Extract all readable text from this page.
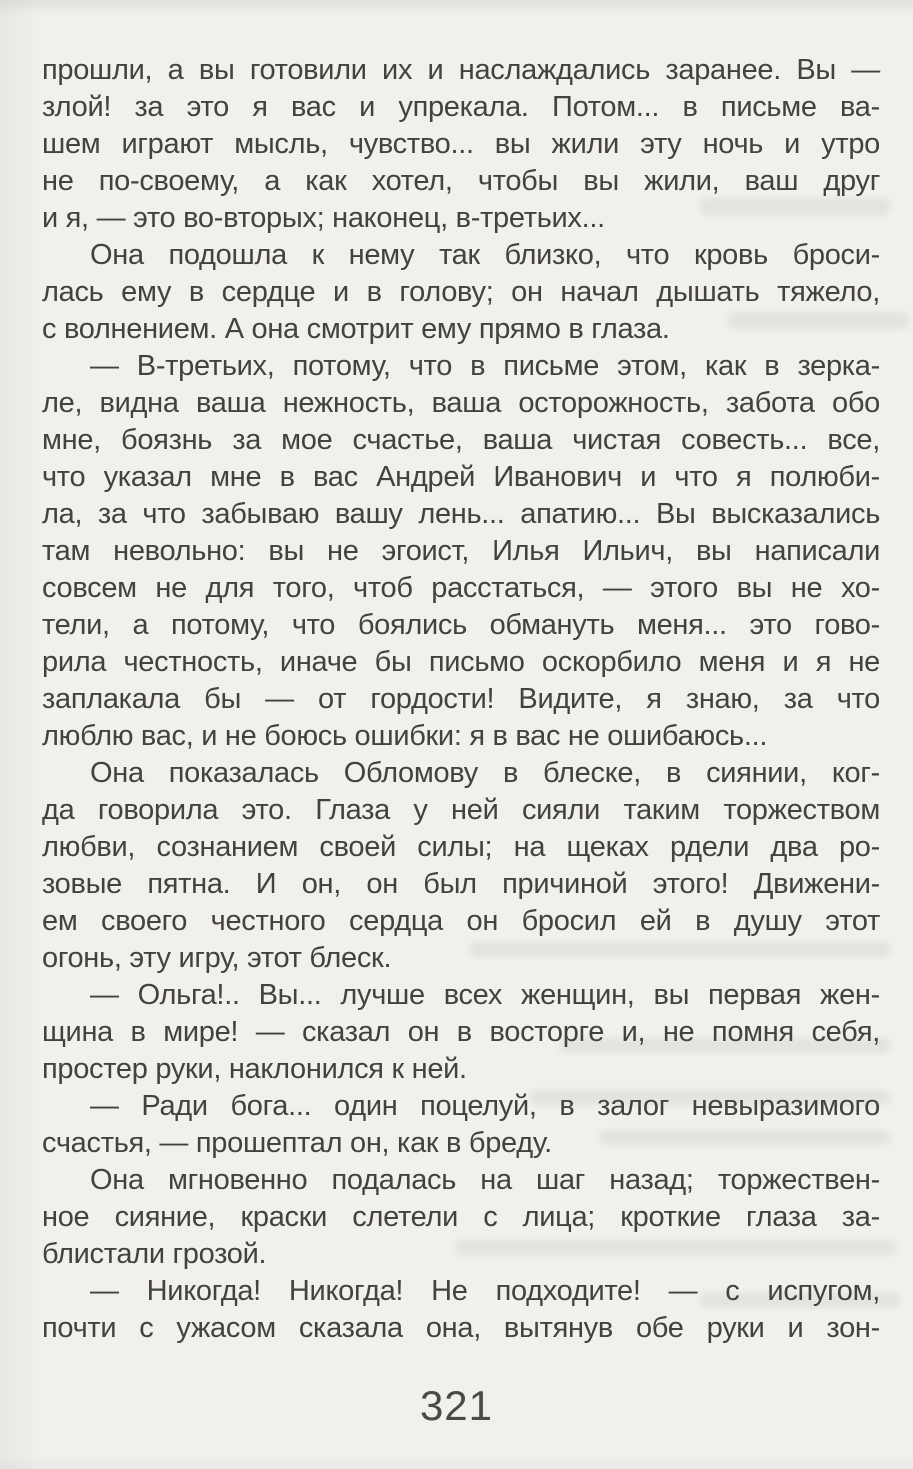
прошли, а вы готовили их и наслаждались заранее. Вы —
злой! за это я вас и упрекала. Потом... в письме ва-
шем играют мысль, чувство... вы жили эту ночь и утро
не по-своему, а как хотел, чтобы вы жили, ваш друг
и я, — это во-вторых; наконец, в-третьих...
Она подошла к нему так близко, что кровь броси-
лась ему в сердце и в голову; он начал дышать тяжело,
с волнением. А она смотрит ему прямо в глаза.
— В-третьих, потому, что в письме этом, как в зерка-
ле, видна ваша нежность, ваша осторожность, забота обо
мне, боязнь за мое счастье, ваша чистая совесть... все,
что указал мне в вас Андрей Иванович и что я полюби-
ла, за что забываю вашу лень... апатию... Вы высказались
там невольно: вы не эгоист, Илья Ильич, вы написали
совсем не для того, чтоб расстаться, — этого вы не хо-
тели, а потому, что боялись обмануть меня... это гово-
рила честность, иначе бы письмо оскорбило меня и я не
заплакала бы — от гордости! Видите, я знаю, за что
люблю вас, и не боюсь ошибки: я в вас не ошибаюсь...
Она показалась Обломову в блеске, в сиянии, ког-
да говорила это. Глаза у ней сияли таким торжеством
любви, сознанием своей силы; на щеках рдели два ро-
зовые пятна. И он, он был причиной этого! Движени-
ем своего честного сердца он бросил ей в душу этот
огонь, эту игру, этот блеск.
— Ольга!.. Вы... лучше всех женщин, вы первая жен-
щина в мире! — сказал он в восторге и, не помня себя,
простер руки, наклонился к ней.
— Ради бога... один поцелуй, в залог невыразимого
счастья, — прошептал он, как в бреду.
Она мгновенно подалась на шаг назад; торжествен-
ное сияние, краски слетели с лица; кроткие глаза за-
блистали грозой.
— Никогда! Никогда! Не подходите! — с испугом,
почти с ужасом сказала она, вытянув обе руки и зон-
321
